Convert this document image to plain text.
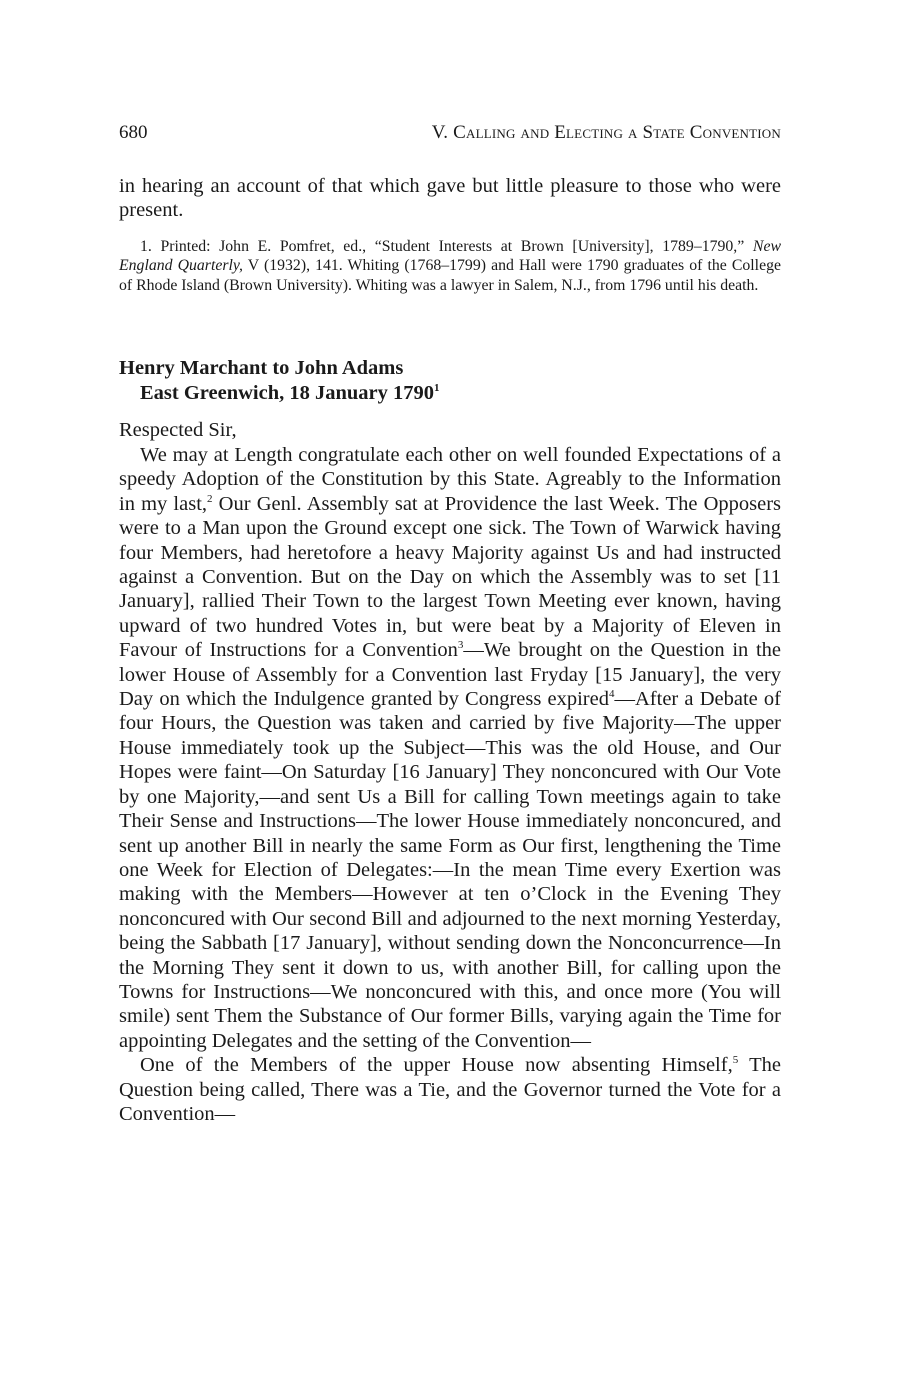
680	V. Calling and Electing a State Convention

in hearing an account of that which gave but little pleasure to those who were present.

1. Printed: John E. Pomfret, ed., “Student Interests at Brown [University], 1789–1790,” New England Quarterly, V (1932), 141. Whiting (1768–1799) and Hall were 1790 graduates of the College of Rhode Island (Brown University). Whiting was a lawyer in Salem, N.J., from 1796 until his death.

Henry Marchant to John Adams
East Greenwich, 18 January 1790$^1$

Respected Sir,

We may at Length congratulate each other on well founded Expectations of a speedy Adoption of the Constitution by this State. Agreably to the Information in my last,$^2$ Our Genl. Assembly sat at Providence the last Week. The Opposers were to a Man upon the Ground except one sick. The Town of Warwick having four Members, had heretofore a heavy Majority against Us and had instructed against a Convention. But on the Day on which the Assembly was to set [11 January], rallied Their Town to the largest Town Meeting ever known, having upward of two hundred Votes in, but were beat by a Majority of Eleven in Favour of Instructions for a Convention$^3$—We brought on the Question in the lower House of Assembly for a Convention last Fryday [15 January], the very Day on which the Indulgence granted by Congress expired$^4$—After a Debate of four Hours, the Question was taken and carried by five Majority—The upper House immediately took up the Subject—This was the old House, and Our Hopes were faint—On Saturday [16 January] They nonconcured with Our Vote by one Majority,—and sent Us a Bill for calling Town meetings again to take Their Sense and Instructions—The lower House immediately nonconcured, and sent up another Bill in nearly the same Form as Our first, lengthening the Time one Week for Election of Delegates:—In the mean Time every Exertion was making with the Members—However at ten o’Clock in the Evening They nonconcured with Our second Bill and adjourned to the next morning Yesterday, being the Sabbath [17 January], without sending down the Nonconcurrence—In the Morning They sent it down to us, with another Bill, for calling upon the Towns for Instructions—We nonconcured with this, and once more (You will smile) sent Them the Substance of Our former Bills, varying again the Time for appointing Delegates and the setting of the Convention—

One of the Members of the upper House now absenting Himself,$^5$ The Question being called, There was a Tie, and the Governor turned the Vote for a Convention—
